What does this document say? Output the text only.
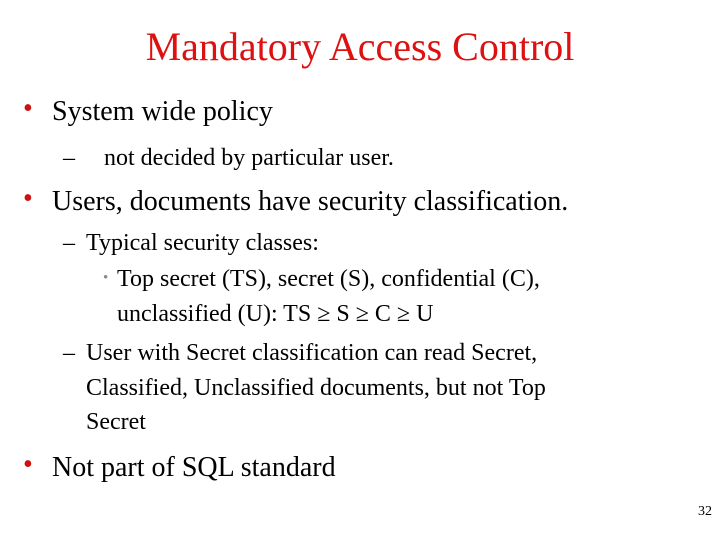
Mandatory Access Control
• System wide policy
– not decided by particular user.
• Users, documents have security classification.
– Typical security classes:
• Top secret (TS), secret (S), confidential (C),
unclassified (U): TS ≥ S ≥ C ≥ U
– User with Secret classification can read Secret,
Classified, Unclassified documents, but not Top
Secret
• Not part of SQL standard
32
